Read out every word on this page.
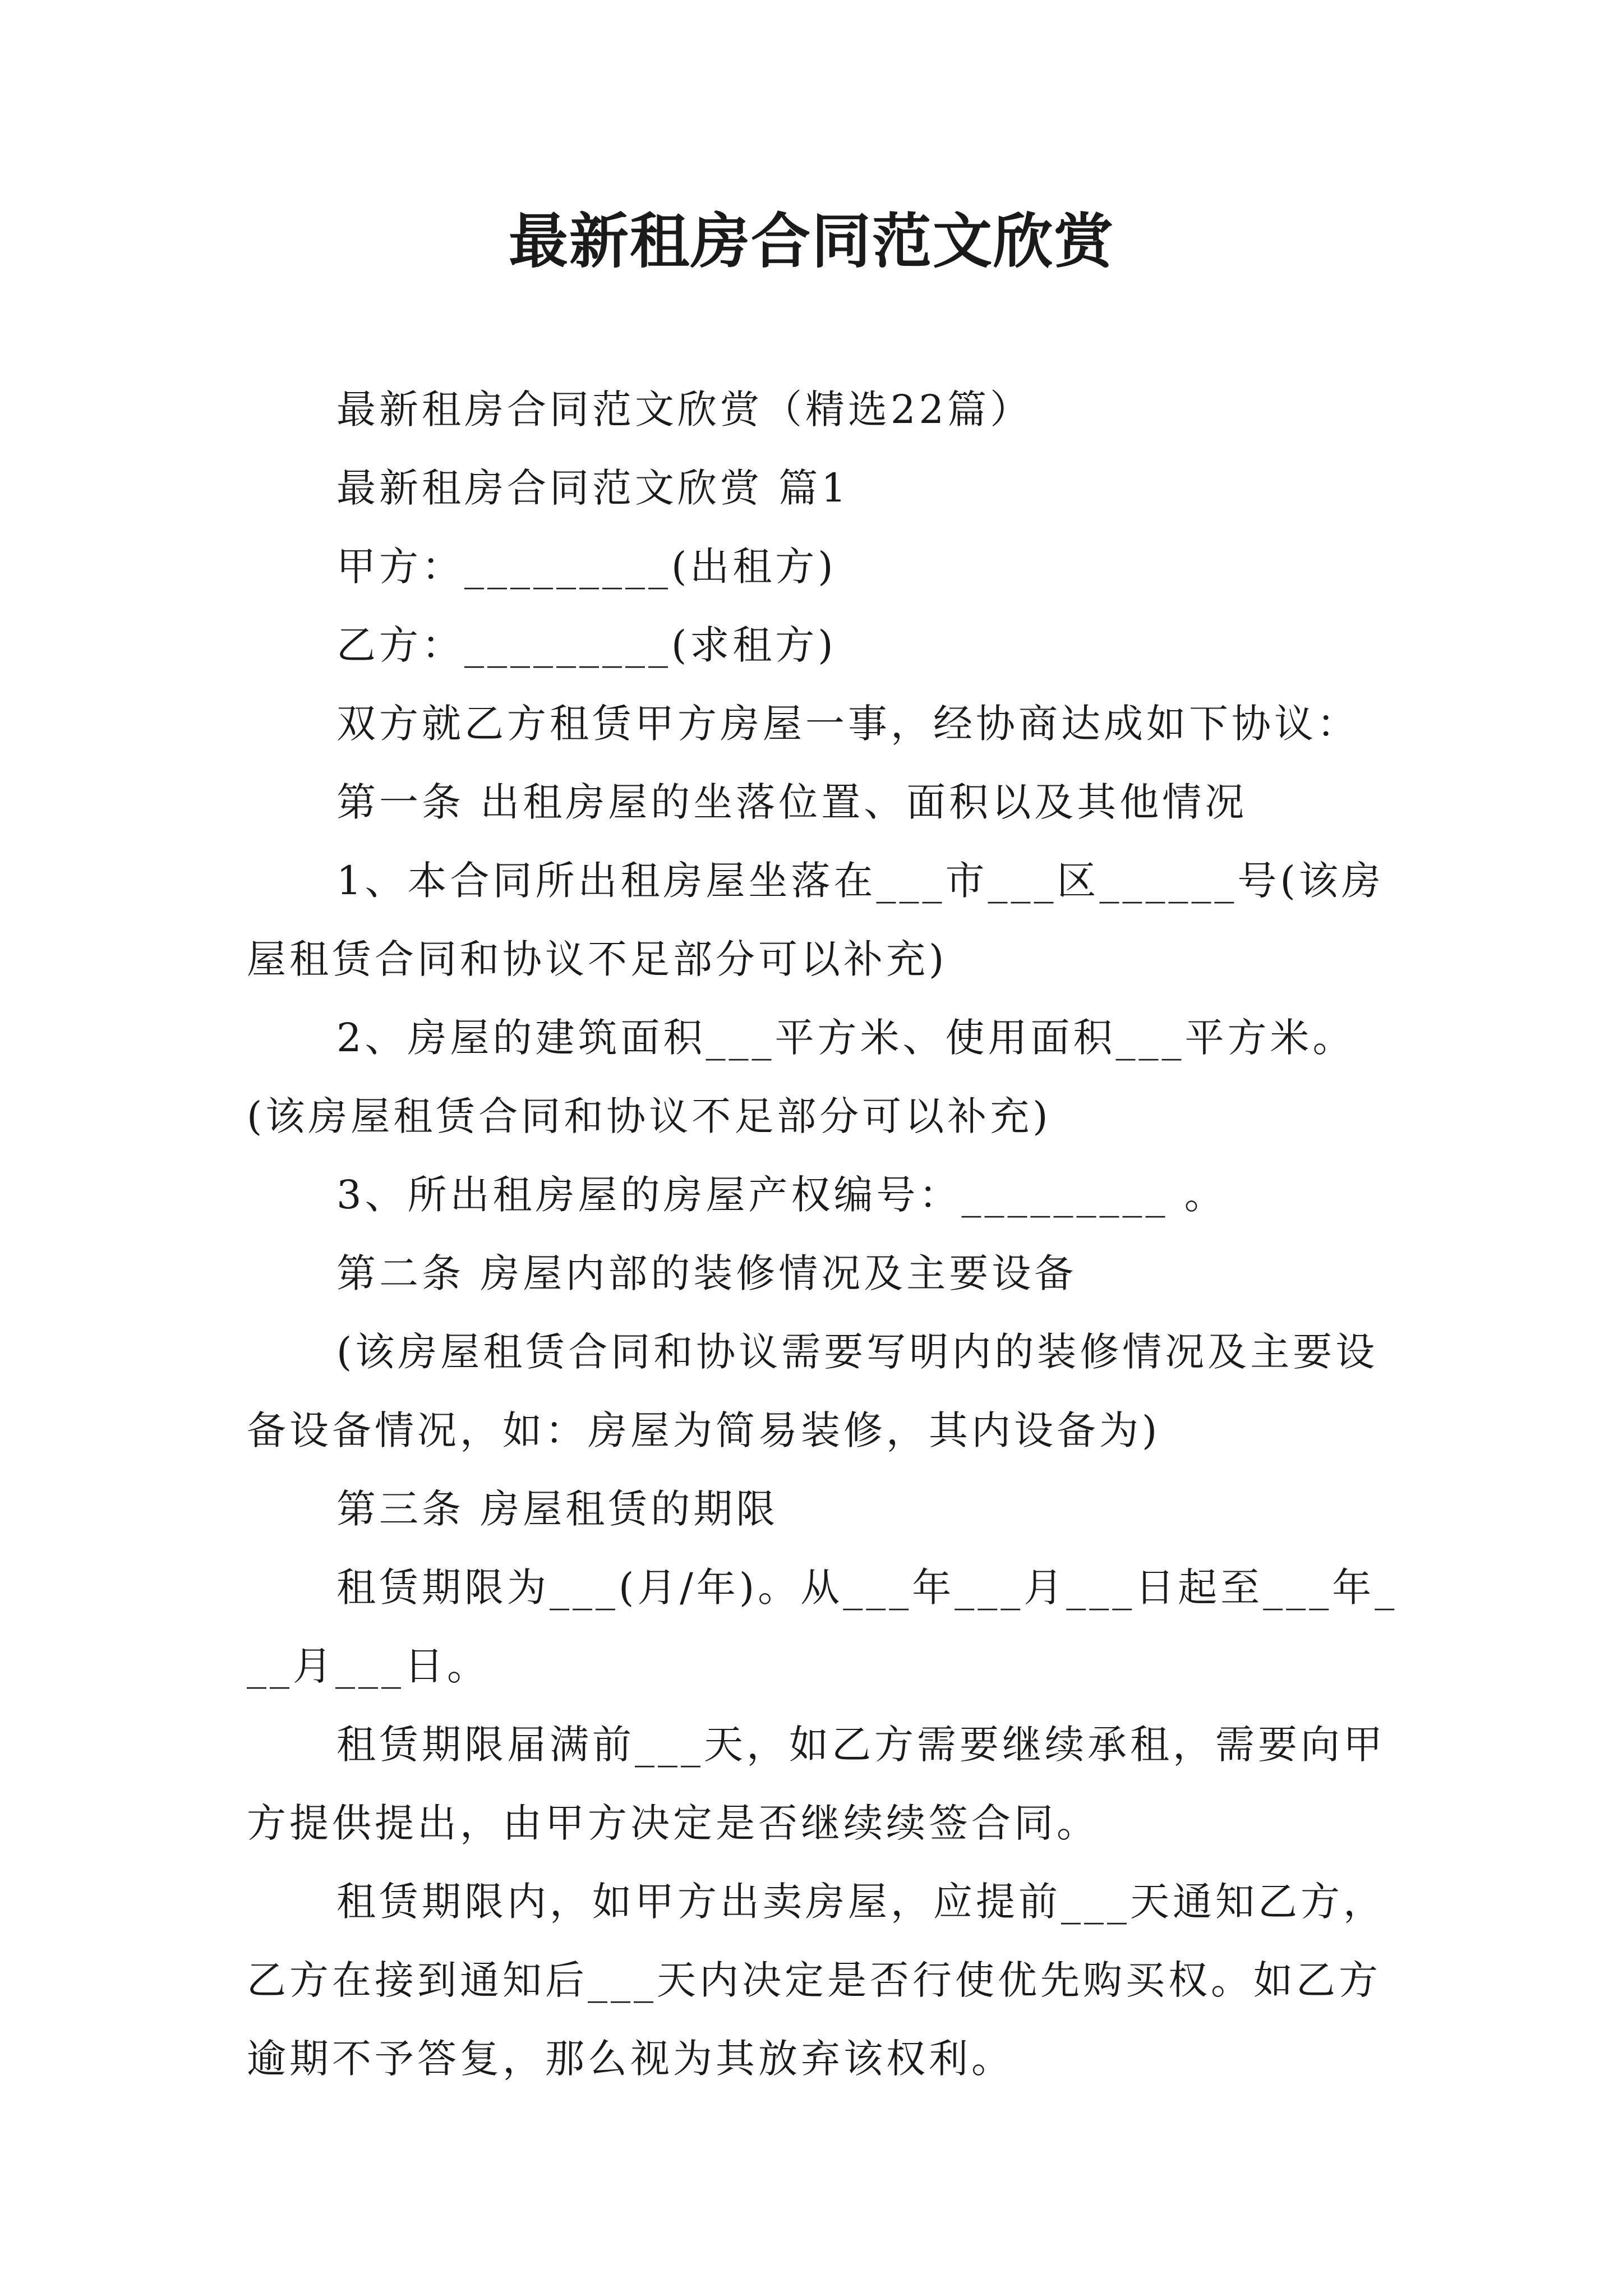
最新租房合同范文欣赏

最新租房合同范文欣赏（精选22篇）

最新租房合同范文欣赏 篇1

甲方：_________(出租方)

乙方：_________(求租方)

双方就乙方租赁甲方房屋一事，经协商达成如下协议：

第一条 出租房屋的坐落位置、面积以及其他情况

1、本合同所出租房屋坐落在___市___区______号(该房屋租赁合同和协议不足部分可以补充)

2、房屋的建筑面积___平方米、使用面积___平方米。(该房屋租赁合同和协议不足部分可以补充)

3、所出租房屋的房屋产权编号：_________ 。

第二条 房屋内部的装修情况及主要设备

(该房屋租赁合同和协议需要写明内的装修情况及主要设备设备情况，如：房屋为简易装修，其内设备为)

第三条 房屋租赁的期限

租赁期限为___(月/年)。从___年___月___日起至___年___月___日。

租赁期限届满前___天，如乙方需要继续承租，需要向甲方提供提出，由甲方决定是否继续续签合同。

租赁期限内，如甲方出卖房屋，应提前___天通知乙方，乙方在接到通知后___天内决定是否行使优先购买权。如乙方逾期不予答复，那么视为其放弃该权利。
